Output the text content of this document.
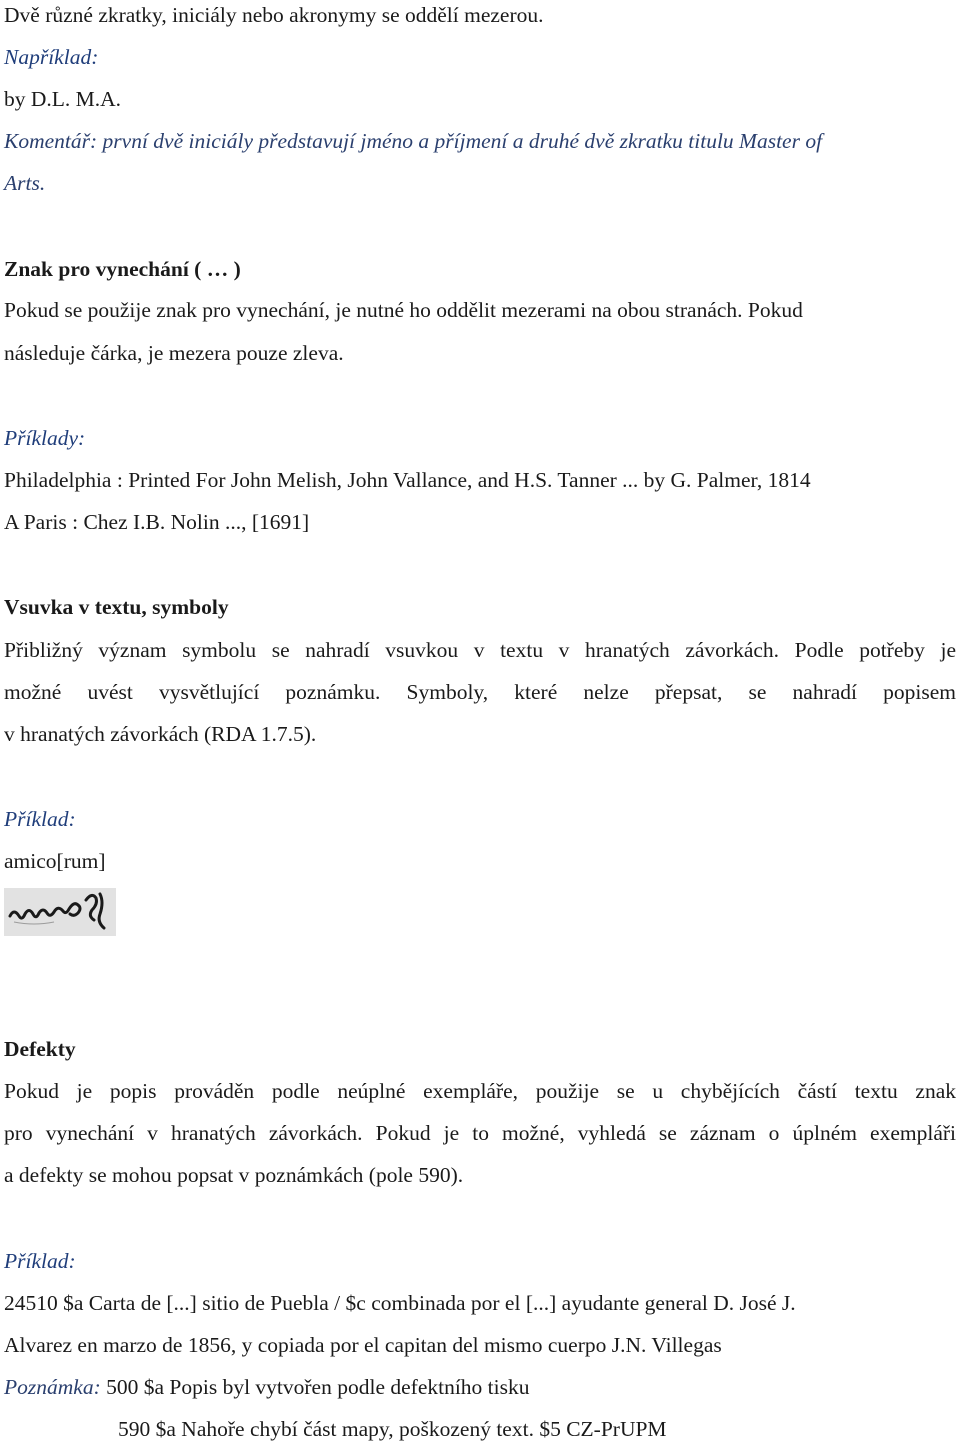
Dvě různé zkratky, iniciály nebo akronymy se oddělí mezerou.
Například:
by D.L. M.A.
Komentář: první dvě iniciály představují jméno a příjmení a druhé dvě zkratku titulu Master of
Arts.
Znak pro vynechání ( … )
Pokud se použije znak pro vynechání, je nutné ho oddělit mezerami na obou stranách. Pokud
následuje čárka, je mezera pouze zleva.
Příklady:
Philadelphia : Printed For John Melish, John Vallance, and H.S. Tanner ... by G. Palmer, 1814
A Paris : Chez I.B. Nolin ..., [1691]
Vsuvka v textu, symboly
Přibližný význam symbolu se nahradí vsuvkou v textu v hranatých závorkách. Podle potřeby je
možné uvést vysvětlující poznámku. Symboly, které nelze přepsat, se nahradí popisem
v hranatých závorkách (RDA 1.7.5).
Příklad:
amico[rum]
Defekty
Pokud je popis prováděn podle neúplné exempláře, použije se u chybějících částí textu znak
pro vynechání v hranatých závorkách. Pokud je to možné, vyhledá se záznam o úplném exempláři
a defekty se mohou popsat v poznámkách (pole 590).
Příklad:
24510 $a Carta de [...] sitio de Puebla / $c combinada por el [...] ayudante general D. José J.
Alvarez en marzo de 1856, y copiada por el capitan del mismo cuerpo J.N. Villegas
Poznámka: 500 $a Popis byl vytvořen podle defektního tisku
590 $a Nahoře chybí část mapy, poškozený text. $5 CZ-PrUPM
